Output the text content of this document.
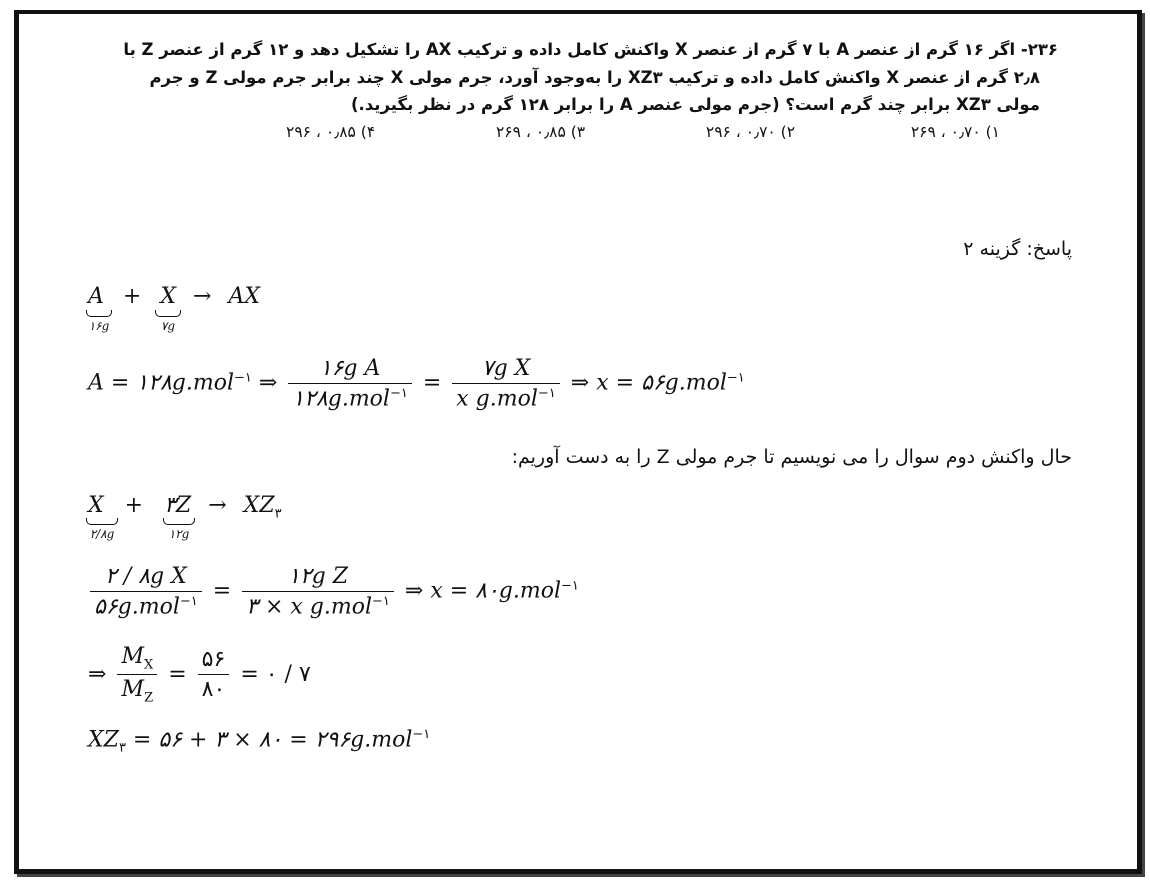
۲۳۶- اگر ۱۶ گرم از عنصر A با ۷ گرم از عنصر X واکنش کامل داده و ترکیب AX را تشکیل دهد و ۱۲ گرم از عنصر Z با
۲٫۸ گرم از عنصر X واکنش کامل داده و ترکیب XZ۳ را به‌وجود آورد، جرم مولی X چند برابر جرم مولی Z و جرم
مولی XZ۳ برابر چند گرم است؟ (جرم مولی عنصر A را برابر ۱۲۸ گرم در نظر بگیرید.)
۱) ۰٫۷۰ ، ۲۶۹ ۲) ۰٫۷۰ ، ۲۹۶ ۳) ۰٫۸۵ ، ۲۶۹ ۴) ۰٫۸۵ ، ۲۹۶
پاسخ: گزینه ۲
A + X → AX
۱۶g	۷g
A = ۱۲۸g.mol$^{-۱}$ ⇒ $\frac{\text{۱۶g A}}{۱۲۸g.mol^{-۱}} = \frac{\text{۷g X}}{x g.mol^{-۱}}$ ⇒ x = ۵۶g.mol$^{-۱}$
حال واکنش دوم سوال را می نویسیم تا جرم مولی Z را به دست آوریم:
X + ۳Z → $XZ_۳$
۲/۸g	۱۲g
$\frac{\text{۲ / ۸g X}}{۵۶g.mol^{-۱}} = \frac{\text{۱۲g Z}}{۳ \times x g.mol^{-۱}}$ ⇒ x = ۸۰g.mol$^{-۱}$
⇒ $\frac{M_X}{M_Z} = \frac{۵۶}{۸۰}$ = ۰ / ۷
$XZ_۳$ = ۵۶ + ۳ × ۸۰ = ۲۹۶g.mol$^{-۱}$
